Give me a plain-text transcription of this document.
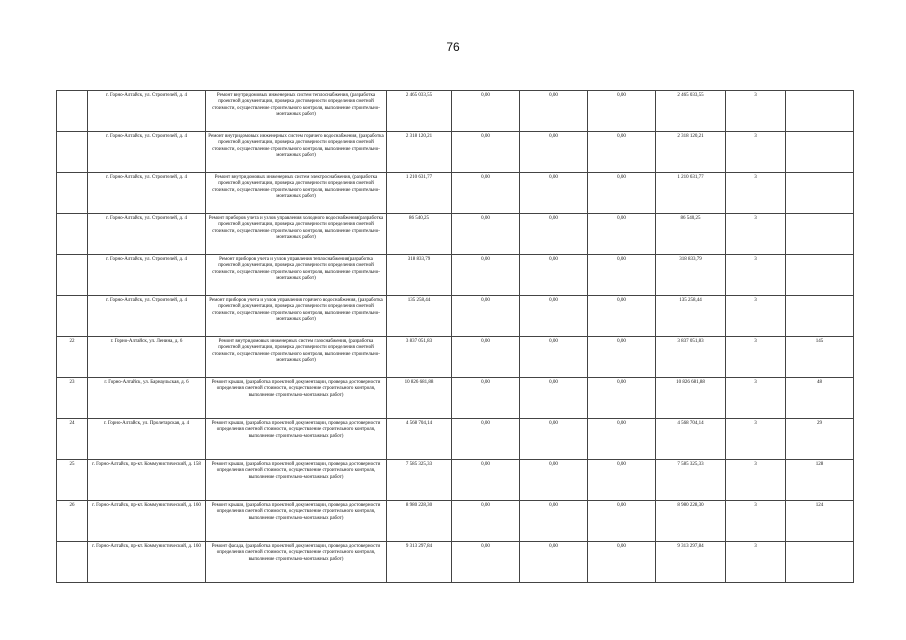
76
	г. Горно-Алтайск, ул. Строителей, д. 4	Ремонт внутридомовых инженерных систем теплоснабжения, (разработка проектной документации, проверка достоверности определения сметной стоимости, осуществление строительного контроля, выполнение строительно-монтажных работ)	2 465 033,55	0,00	0,00	0,00	2 465 033,55	3	
	г. Горно-Алтайск, ул. Строителей, д. 4	Ремонт внутридомовых инженерных систем горячего водоснабжения, (разработка проектной документации, проверка достоверности определения сметной стоимости, осуществление строительного контроля, выполнение строительно-монтажных работ)	2 318 120,21	0,00	0,00	0,00	2 318 120,21	3	
	г. Горно-Алтайск, ул. Строителей, д. 4	Ремонт внутридомовых инженерных систем электроснабжения, (разработка проектной документации, проверка достоверности определения сметной стоимости, осуществление строительного контроля, выполнение строительно-монтажных работ)	1 210 631,77	0,00	0,00	0,00	1 210 631,77	3	
	г. Горно-Алтайск, ул. Строителей, д. 4	Ремонт приборов учета и узлов управления холодного водоснабжения(разработка проектной документации, проверка достоверности определения сметной стоимости, осуществление строительного контроля, выполнение строительно-монтажных работ)	86 540,25	0,00	0,00	0,00	86 540,25	3	
	г. Горно-Алтайск, ул. Строителей, д. 4	Ремонт приборов учета и узлов управления теплоснабжения(разработка проектной документации, проверка достоверности определения сметной стоимости, осуществление строительного контроля, выполнение строительно-монтажных работ)	318 833,79	0,00	0,00	0,00	318 833,79	3	
	г. Горно-Алтайск, ул. Строителей, д. 4	Ремонт приборов учета и узлов управления горячего водоснабжения, (разработка проектной документации, проверка достоверности определения сметной стоимости, осуществление строительного контроля, выполнение строительно-монтажных работ)	135 258,44	0,00	0,00	0,00	135 258,44	3	
22	г. Горно-Алтайск, ул. Ленина, д. 6	Ремонт внутридомовых инженерных систем газоснабжения, (разработка проектной документации, проверка достоверности определения сметной стоимости, осуществление строительного контроля, выполнение строительно-монтажных работ)	3 837 051,83	0,00	0,00	0,00	3 837 051,83	3	145
23	г. Горно-Алтайск, ул. Барнаульская, д. 6	Ремонт крыши, (разработка проектной документации, проверка достоверности определения сметной стоимости, осуществление строительного контроля, выполнение строительно-монтажных работ)	10 826 681,88	0,00	0,00	0,00	10 826 681,88	3	48
24	г. Горно-Алтайск, ул. Пролетарская, д. 4	Ремонт крыши, (разработка проектной документации, проверка достоверности определения сметной стоимости, осуществление строительного контроля, выполнение строительно-монтажных работ)	4 568 704,14	0,00	0,00	0,00	4 568 704,14	3	29
25	г. Горно-Алтайск, пр-кт. Коммунистический, д. 158	Ремонт крыши, (разработка проектной документации, проверка достоверности определения сметной стоимости, осуществление строительного контроля, выполнение строительно-монтажных работ)	7 585 325,33	0,00	0,00	0,00	7 585 325,33	3	128
26	г. Горно-Алтайск, пр-кт. Коммунистический, д. 160	Ремонт крыши, (разработка проектной документации, проверка достоверности определения сметной стоимости, осуществление строительного контроля, выполнение строительно-монтажных работ)	8 980 228,30	0,00	0,00	0,00	8 980 228,30	3	124
	г. Горно-Алтайск, пр-кт. Коммунистический, д. 160	Ремонт фасада, (разработка проектной документации, проверка достоверности определения сметной стоимости, осуществление строительного контроля, выполнение строительно-монтажных работ)	9 313 297,84	0,00	0,00	0,00	9 313 297,84	3	
